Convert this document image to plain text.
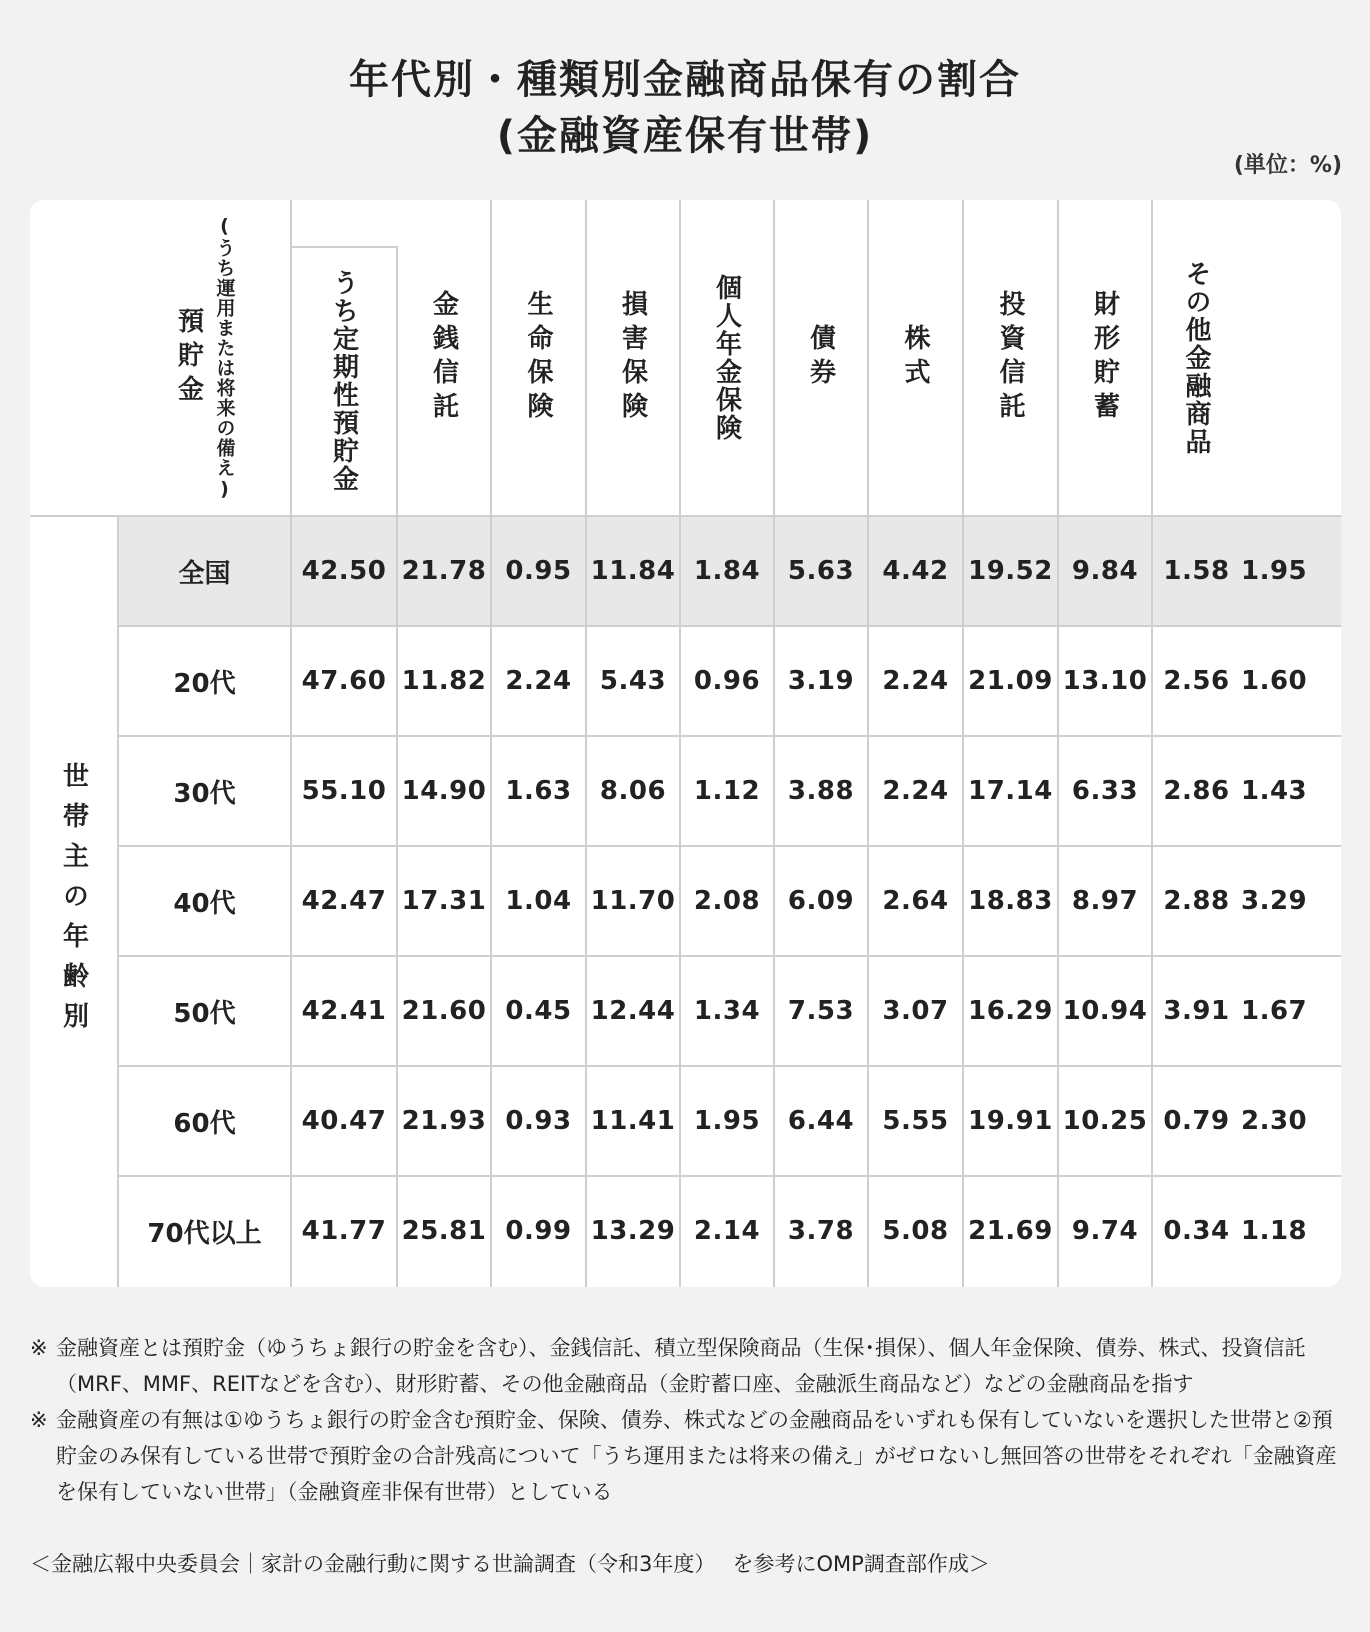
年代別・種類別金融商品保有の割合
(金融資産保有世帯)
(単位：%)
(うち運用または将来の備え)
預貯金	うち定期性預貯金	金銭信託 生命保険 損害保険 個人年金保険 債券 株式	投資信託 財形貯蓄 その他金融商品
世帯主の年齢別
全国	42.50 21.78 0.95 11.84 1.84	5.63	4.42 19.52 9.84 1.58 1.95
20代	47.60 11.82 2.24	5.43	0.96	3.19	2.24 21.09 13.10 2.56 1.60
30代	55.10 14.90 1.63	8.06	1.12	3.88	2.24 17.14 6.33 2.86 1.43
40代	42.47 17.31 1.04 11.70 2.08	6.09	2.64 18.83 8.97 2.88 3.29
50代	42.41 21.60 0.45 12.44 1.34	7.53	3.07 16.29 10.94 3.91 1.67
60代	40.47 21.93 0.93 11.41 1.95	6.44	5.55 19.91 10.25 0.79 2.30
70代以上	41.77 25.81 0.99 13.29 2.14	3.78	5.08 21.69 9.74 0.34 1.18
※ 金融資産とは預貯金（ゆうちょ銀行の貯金を含む）、金銭信託、積立型保険商品（生保･損保）、個人年金保険、債券、株式、投資信託（MRF、MMF、REITなどを含む）、財形貯蓄、その他金融商品（金貯蓄口座、金融派生商品など）などの金融商品を指す
※ 金融資産の有無は①ゆうちょ銀行の貯金含む預貯金、保険、債券、株式などの金融商品をいずれも保有していないを選択した世帯と②預貯金のみ保有している世帯で預貯金の合計残高について「うち運用または将来の備え」がゼロないし無回答の世帯をそれぞれ「金融資産を保有していない世帯」（金融資産非保有世帯）としている
＜金融広報中央委員会｜家計の金融行動に関する世論調査（令和3年度）　 を参考にOMP調査部作成＞
